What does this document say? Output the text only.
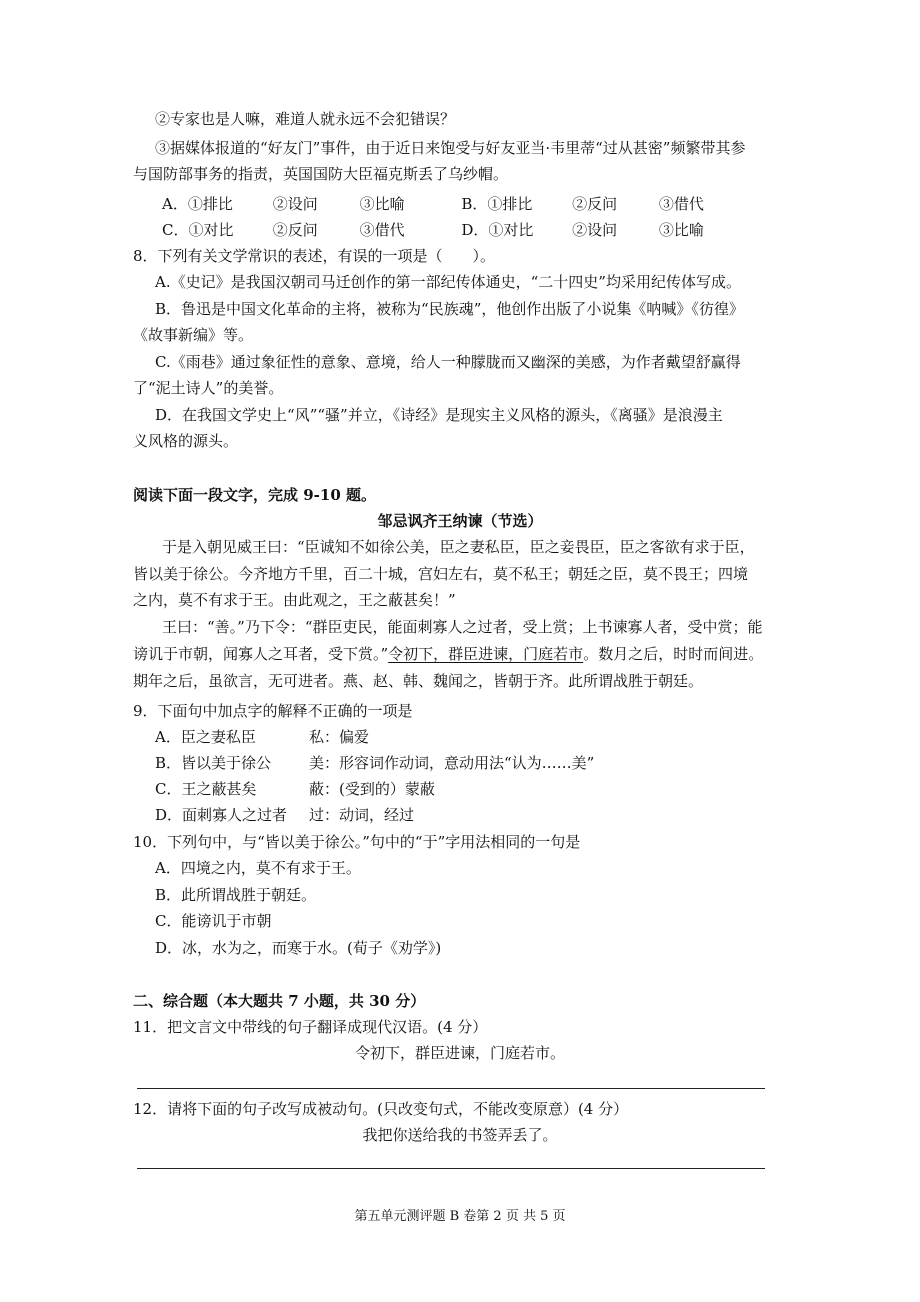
②专家也是人嘛，难道人就永远不会犯错误？
③据媒体报道的“好友门”事件，由于近日来饱受与好友亚当·韦里蒂“过从甚密”频繁带其参
与国防部事务的指责，英国国防大臣福克斯丢了乌纱帽。
A．①排比	②设问	③比喻	B．①排比	②反问	③借代
C．①对比	②反问	③借代	D．①对比	②设问	③比喻
8．下列有关文学常识的表述，有误的一项是（　　）。
A.《史记》是我国汉朝司马迁创作的第一部纪传体通史，“二十四史”均采用纪传体写成。
B．鲁迅是中国文化革命的主将，被称为“民族魂”，他创作出版了小说集《呐喊》《彷徨》
《故事新编》等。
C.《雨巷》通过象征性的意象、意境，给人一种朦胧而又幽深的美感，为作者戴望舒赢得
了“泥土诗人”的美誉。
D．在我国文学史上“风”“骚”并立，《诗经》是现实主义风格的源头，《离骚》是浪漫主
义风格的源头。
阅读下面一段文字，完成 9-10 题。
邹忌讽齐王纳谏（节选）
于是入朝见威王曰：“臣诚知不如徐公美，臣之妻私臣，臣之妾畏臣，臣之客欲有求于臣，
皆以美于徐公。今齐地方千里，百二十城，宫妇左右，莫不私王；朝廷之臣，莫不畏王；四境
之内，莫不有求于王。由此观之，王之蔽甚矣！”
王曰：“善。”乃下令：“群臣吏民，能面刺寡人之过者，受上赏；上书谏寡人者，受中赏；能
谤讥于市朝，闻寡人之耳者，受下赏。”令初下，群臣进谏，门庭若市。数月之后，时时而间进。
期年之后，虽欲言，无可进者。燕、赵、韩、魏闻之，皆朝于齐。此所谓战胜于朝廷。
9．下面句中加点字的解释不正确的一项是
A．臣之妻私臣	私：偏爱
B．皆以美于徐公	美：形容词作动词，意动用法“认为……美”
C．王之蔽甚矣	蔽：(受到的）蒙蔽
D．面刺寡人之过者 过：动词，经过
10．下列句中，与“皆以美于徐公。”句中的“于”字用法相同的一句是
A．四境之内，莫不有求于王。
B．此所谓战胜于朝廷。
C．能谤讥于市朝
D．冰，水为之，而寒于水。(荀子《劝学》)
二、综合题（本大题共 7 小题，共 30 分）
11．把文言文中带线的句子翻译成现代汉语。(4 分）
令初下，群臣进谏，门庭若市。
12．请将下面的句子改写成被动句。(只改变句式，不能改变原意）(4 分）
我把你送给我的书签弄丢了。
第五单元测评题 B 卷第 2 页 共 5 页
